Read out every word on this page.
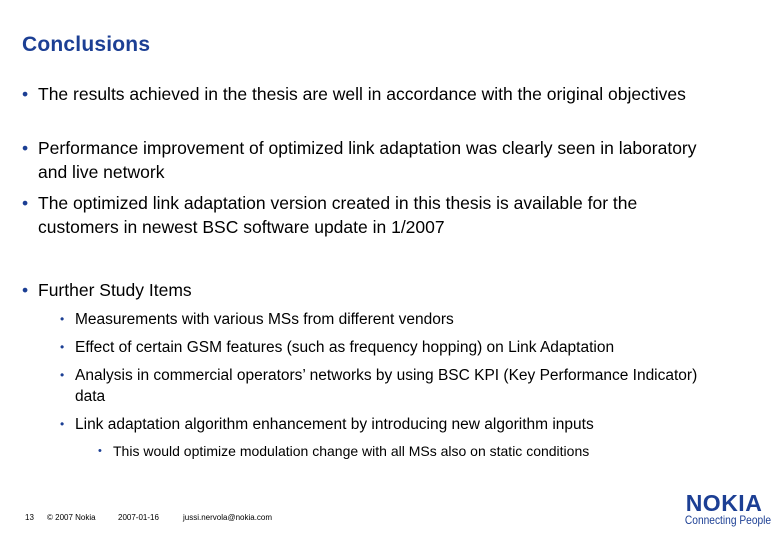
Conclusions
• The results achieved in the thesis are well in accordance with the original objectives
• Performance improvement of optimized link adaptation was clearly seen in laboratory and live network
• The optimized link adaptation version created in this thesis is available for the customers in newest BSC software update in 1/2007
• Further Study Items
• Measurements with various MSs from different vendors
• Effect of certain GSM features (such as frequency hopping) on Link Adaptation
• Analysis in commercial operators’ networks by using BSC KPI (Key Performance Indicator) data
• Link adaptation algorithm enhancement by introducing new algorithm inputs
• This would optimize modulation change with all MSs also on static conditions
13 © 2007 Nokia	2007-01-16	jussi.nervola@nokia.com
NOKIA
Connecting People
